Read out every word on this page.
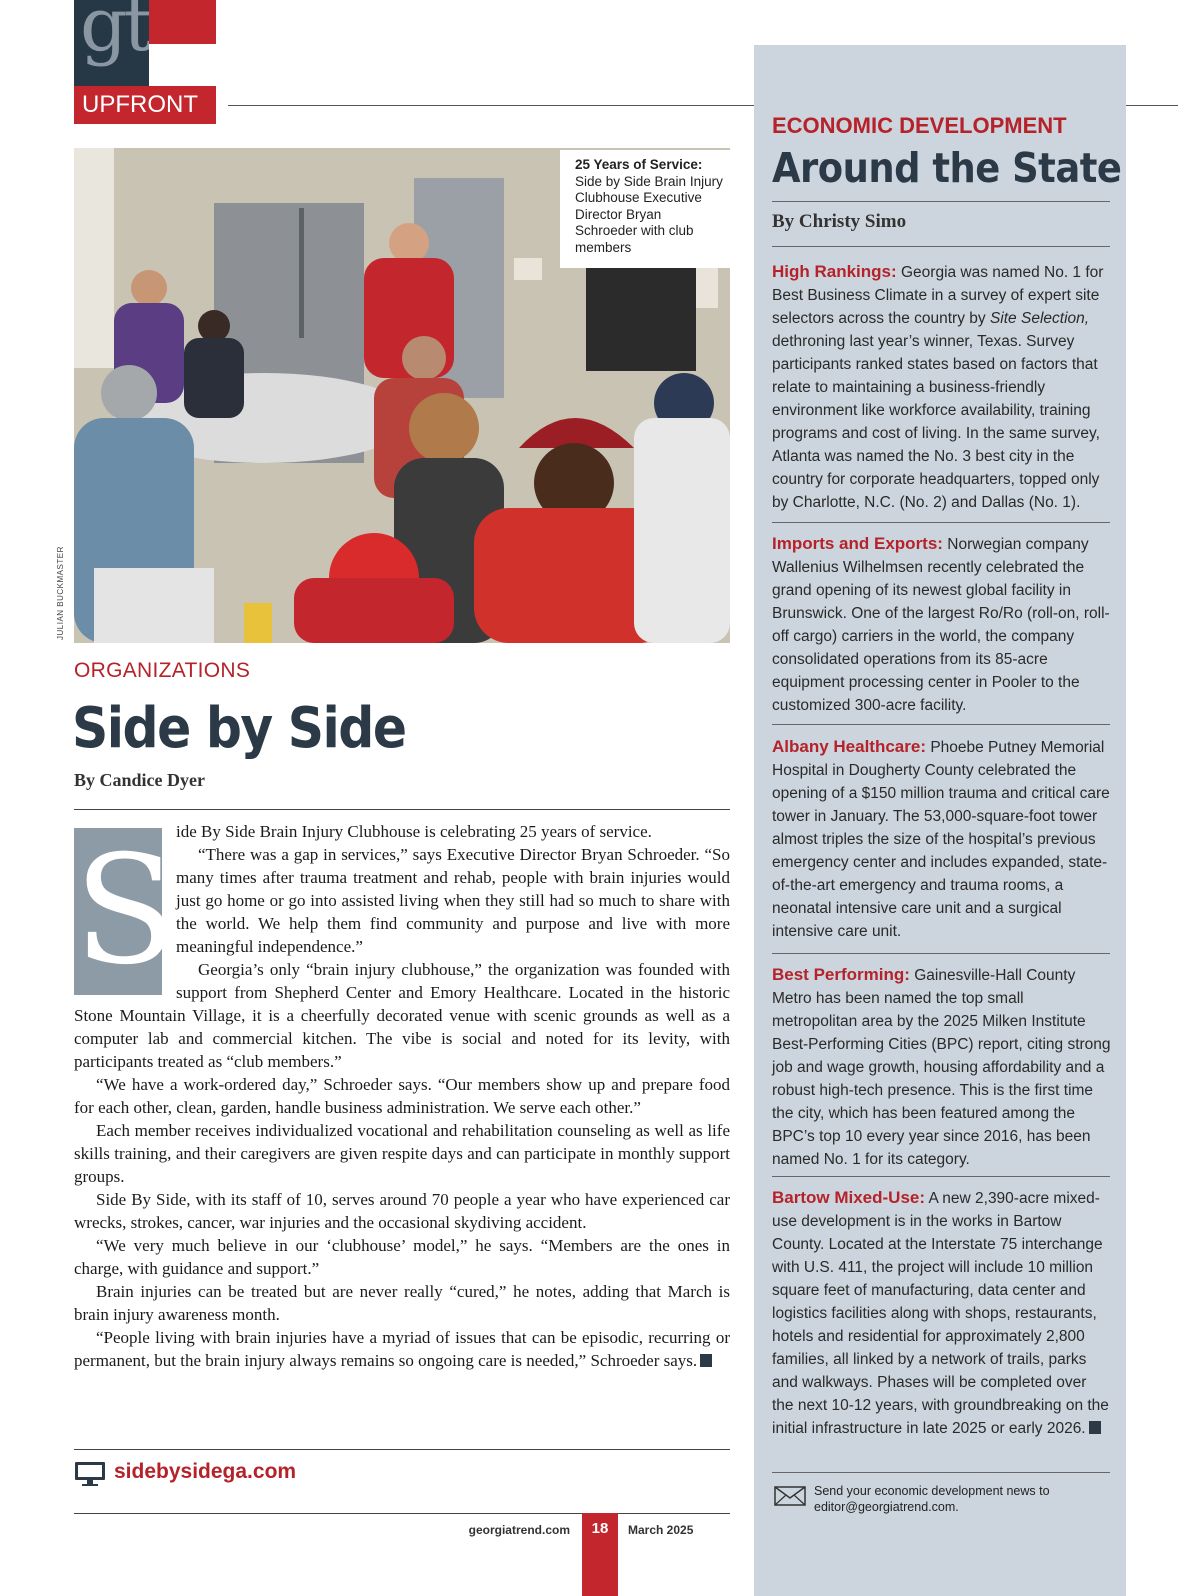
gt
UPFRONT
ECONOMIC DEVELOPMENT
Around the State
By Christy Simo
High Rankings: Georgia was named No. 1 for Best Business Climate in a survey of expert site selectors across the country by Site Selection, dethroning last year’s winner, Texas. Survey participants ranked states based on factors that relate to maintaining a business-friendly environment like workforce availability, training programs and cost of living. In the same survey, Atlanta was named the No. 3 best city in the country for corporate headquarters, topped only by Charlotte, N.C. (No. 2) and Dallas (No. 1).
Imports and Exports: Norwegian company Wallenius Wilhelmsen recently celebrated the grand opening of its newest global facility in Brunswick. One of the largest Ro/Ro (roll-on, roll-off cargo) carriers in the world, the company consolidated operations from its 85-acre equipment processing center in Pooler to the customized 300-acre facility.
Albany Healthcare: Phoebe Putney Memorial Hospital in Dougherty County celebrated the opening of a $150 million trauma and critical care tower in January. The 53,000-square-foot tower almost triples the size of the hospital’s previous emergency center and includes expanded, state-of-the-art emergency and trauma rooms, a neonatal intensive care unit and a surgical intensive care unit.
Best Performing: Gainesville-Hall County Metro has been named the top small metropolitan area by the 2025 Milken Institute Best-Performing Cities (BPC) report, citing strong job and wage growth, housing affordability and a robust high-tech presence. This is the first time the city, which has been featured among the BPC’s top 10 every year since 2016, has been named No. 1 for its category.
Bartow Mixed-Use: A new 2,390-acre mixed-use development is in the works in Bartow County. Located at the Interstate 75 interchange with U.S. 411, the project will include 10 million square feet of manufacturing, data center and logistics facilities along with shops, restaurants, hotels and residential for approximately 2,800 families, all linked by a network of trails, parks and walkways. Phases will be completed over the next 10-12 years, with groundbreaking on the initial infrastructure in late 2025 or early 2026.
Send your economic development news to editor@georgiatrend.com.
JULIAN BUCKMASTER
25 Years of Service:
Side by Side Brain Injury Clubhouse Executive Director Bryan Schroeder with club members
ORGANIZATIONS
Side by Side
By Candice Dyer

ide By Side Brain Injury Clubhouse is celebrating 25 years of service.

“There was a gap in services,” says Executive Director Bryan Schroeder. “So many times after trauma treatment and rehab, people with brain injuries would just go home or go into assisted living when they still had so much to share with the world. We help them find community and purpose and live with more meaningful independence.”

Georgia’s only “brain injury clubhouse,” the organization was founded with support from Shepherd Center and Emory Healthcare. Located in the historic Stone Mountain Village, it is a cheerfully decorated venue with scenic grounds as well as a computer lab and commercial kitchen. The vibe is social and noted for its levity, with participants treated as “club members.”

“We have a work-ordered day,” Schroeder says. “Our members show up and prepare food for each other, clean, garden, handle business administration. We serve each other.”

Each member receives individualized vocational and rehabilitation counseling as well as life skills training, and their caregivers are given respite days and can participate in monthly support groups.

Side By Side, with its staff of 10, serves around 70 people a year who have experienced car wrecks, strokes, cancer, war injuries and the occasional skydiving accident.

“We very much believe in our ‘clubhouse’ model,” he says. “Members are the ones in charge, with guidance and support.”

Brain injuries can be treated but are never really “cured,” he notes, adding that March is brain injury awareness month.

“People living with brain injuries have a myriad of issues that can be episodic, recurring or permanent, but the brain injury always remains so ongoing care is needed,” Schroeder says.

S
sidebysidega.com
18
georgiatrend.com	March 2025
